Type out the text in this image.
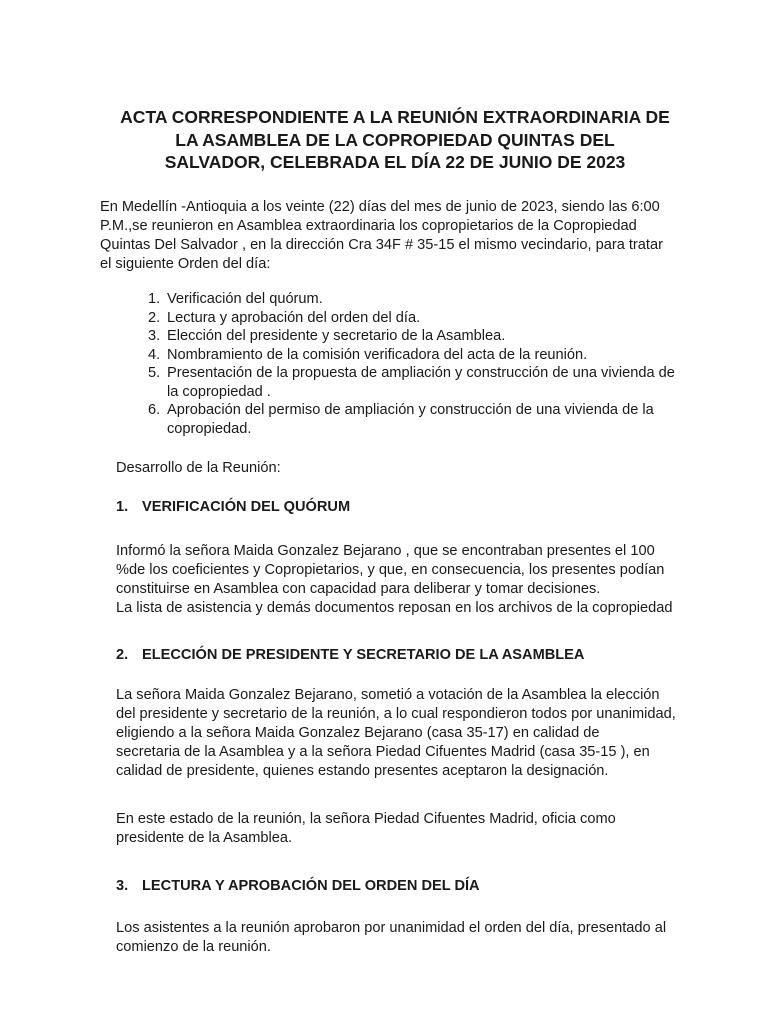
ACTA CORRESPONDIENTE A LA REUNIÓN EXTRAORDINARIA DE
LA ASAMBLEA DE LA COPROPIEDAD QUINTAS DEL
SALVADOR, CELEBRADA EL DÍA 22 DE JUNIO DE 2023

En Medellín -Antioquia a los veinte (22) días del mes de junio de 2023, siendo las 6:00
P.M.,se reunieron en Asamblea extraordinaria los copropietarios de la Copropiedad
Quintas Del Salvador , en la dirección Cra 34F # 35-15 el mismo vecindario, para tratar
el siguiente Orden del día:

1. Verificación del quórum.
2. Lectura y aprobación del orden del día.
3. Elección del presidente y secretario de la Asamblea.
4. Nombramiento de la comisión verificadora del acta de la reunión.
5. Presentación de la propuesta de ampliación y construcción de una vivienda de
la copropiedad .
6. Aprobación del permiso de ampliación y construcción de una vivienda de la
copropiedad.

Desarrollo de la Reunión:

1. VERIFICACIÓN DEL QUÓRUM

Informó la señora Maida Gonzalez Bejarano , que se encontraban presentes el 100
%de los coeficientes y Copropietarios, y que, en consecuencia, los presentes podían
constituirse en Asamblea con capacidad para deliberar y tomar decisiones.
La lista de asistencia y demás documentos reposan en los archivos de la copropiedad

2. ELECCIÓN DE PRESIDENTE Y SECRETARIO DE LA ASAMBLEA

La señora Maida Gonzalez Bejarano, sometió a votación de la Asamblea la elección
del presidente y secretario de la reunión, a lo cual respondieron todos por unanimidad,
eligiendo a la señora Maida Gonzalez Bejarano (casa 35-17) en calidad de
secretaria de la Asamblea y a la señora Piedad Cifuentes Madrid (casa 35-15 ), en
calidad de presidente, quienes estando presentes aceptaron la designación.

En este estado de la reunión, la señora Piedad Cifuentes Madrid, oficia como
presidente de la Asamblea.

3. LECTURA Y APROBACIÓN DEL ORDEN DEL DÍA

Los asistentes a la reunión aprobaron por unanimidad el orden del día, presentado al
comienzo de la reunión.
